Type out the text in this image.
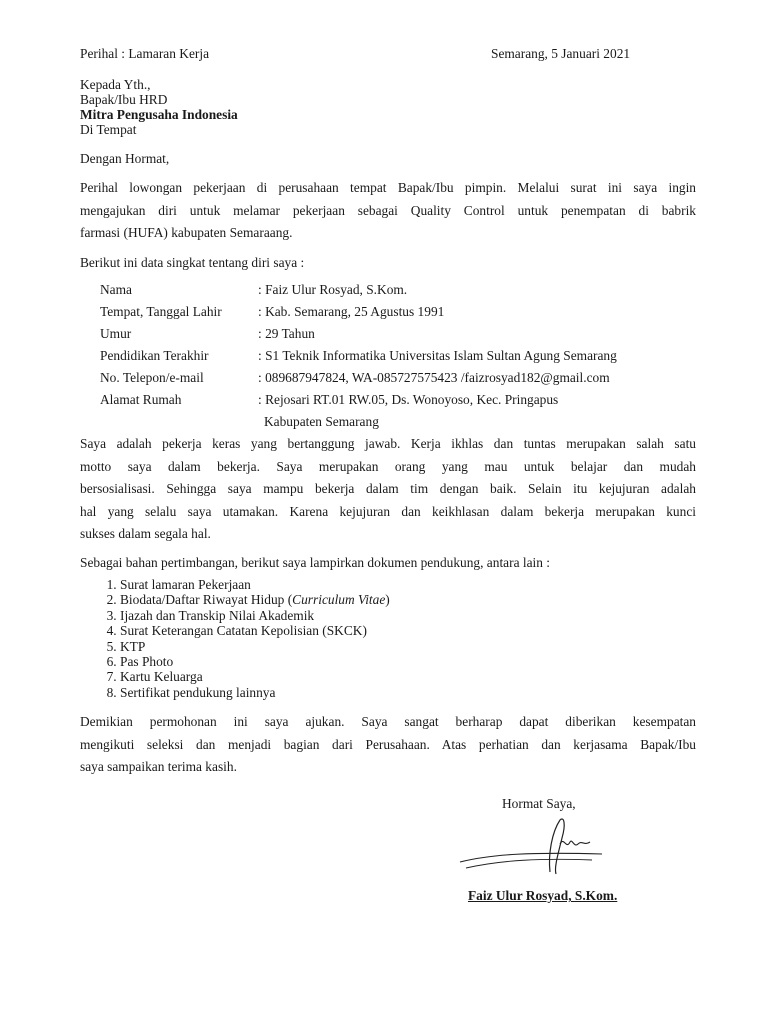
Perihal : Lamaran Kerja	Semarang, 5 Januari 2021
Kepada Yth.,
Bapak/Ibu HRD
Mitra Pengusaha Indonesia
Di Tempat
Dengan Hormat,
Perihal lowongan pekerjaan di perusahaan tempat Bapak/Ibu pimpin. Melalui surat ini saya ingin
mengajukan diri untuk melamar pekerjaan sebagai Quality Control untuk penempatan di babrik
farmasi (HUFA) kabupaten Semaraang.
Berikut ini data singkat tentang diri saya :
Nama	: Faiz Ulur Rosyad, S.Kom.
Tempat, Tanggal Lahir	: Kab. Semarang, 25 Agustus 1991
Umur	: 29 Tahun
Pendidikan Terakhir	: S1 Teknik Informatika Universitas Islam Sultan Agung Semarang
No. Telepon/e-mail	: 089687947824, WA-085727575423 /faizrosyad182@gmail.com
Alamat Rumah	: Rejosari RT.01 RW.05, Ds. Wonoyoso, Kec. Pringapus
Kabupaten Semarang
Saya adalah pekerja keras yang bertanggung jawab. Kerja ikhlas dan tuntas merupakan salah satu
motto saya dalam bekerja. Saya merupakan orang yang mau untuk belajar dan mudah
bersosialisasi. Sehingga saya mampu bekerja dalam tim dengan baik. Selain itu kejujuran adalah
hal yang selalu saya utamakan. Karena kejujuran dan keikhlasan dalam bekerja merupakan kunci
sukses dalam segala hal.
Sebagai bahan pertimbangan, berikut saya lampirkan dokumen pendukung, antara lain :
1. Surat lamaran Pekerjaan
2. Biodata/Daftar Riwayat Hidup (Curriculum Vitae)
3. Ijazah dan Transkip Nilai Akademik
4. Surat Keterangan Catatan Kepolisian (SKCK)
5. KTP
6. Pas Photo
7. Kartu Keluarga
8. Sertifikat pendukung lainnya
Demikian permohonan ini saya ajukan. Saya sangat berharap dapat diberikan kesempatan
mengikuti seleksi dan menjadi bagian dari Perusahaan. Atas perhatian dan kerjasama Bapak/Ibu
saya sampaikan terima kasih.
Hormat Saya,
Faiz Ulur Rosyad, S.Kom.
